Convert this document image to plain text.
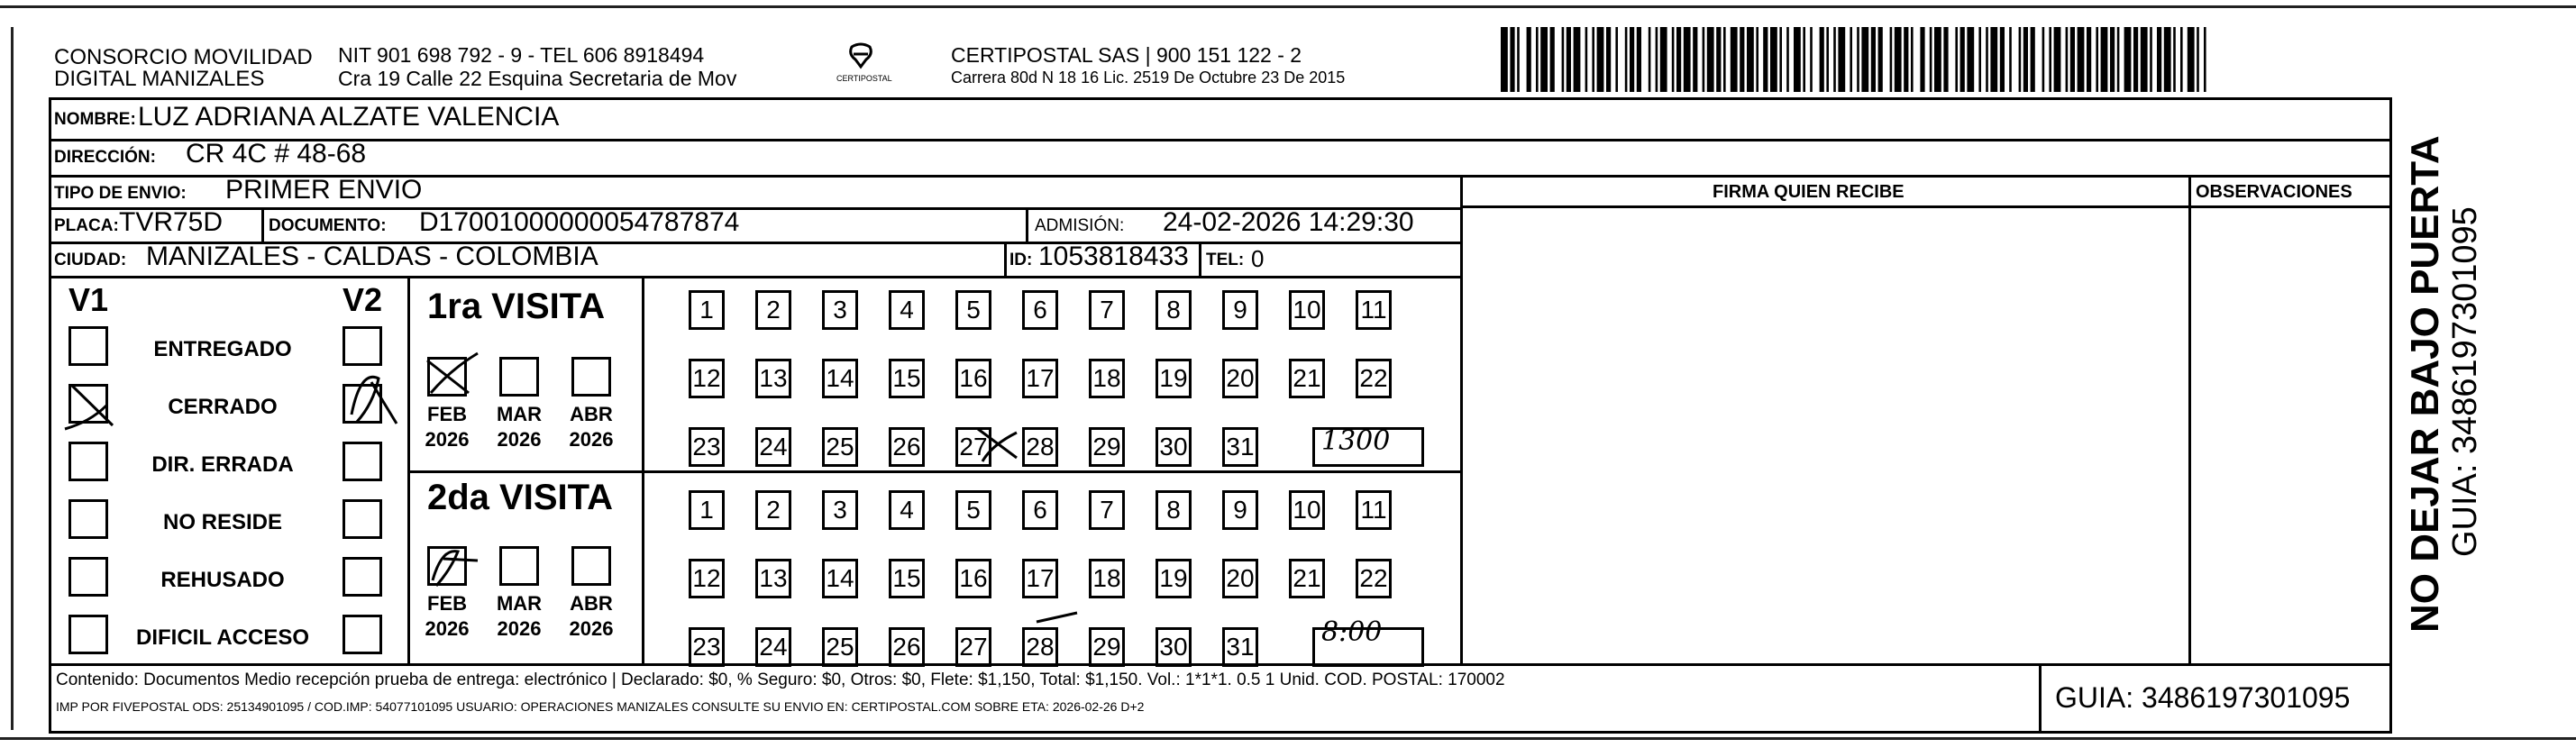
CONSORCIO MOVILIDAD
DIGITAL MANIZALES
NIT 901 698 792 - 9 - TEL 606 8918494
Cra 19 Calle 22 Esquina Secretaria de Mov	CERTIPOSTAL
CERTIPOSTAL SAS | 900 151 122 - 2
Carrera 80d N 18 16 Lic. 2519 De Octubre 23 De 2015
NOMBRE: LUZ ADRIANA ALZATE VALENCIA
DIRECCIÓN: CR 4C # 48-68
FIRMA QUIEN RECIBE	OBSERVACIONES
TIPO DE ENVIO: PRIMER ENVIO
PLACA: TVR75D	DOCUMENTO: D17001000000054787874	ADMISIÓN: 24-02-2026 14:29:30
CIUDAD: MANIZALES - CALDAS - COLOMBIA	ID: 1053818433 TEL: 0
V1	V2
ENTREGADO
CERRADO
DIR. ERRADA
NO RESIDE
REHUSADO
DIFICIL ACCESO
1ra VISITA
2da VISITA
FEB
2026
MAR
2026
ABR
2026
FEB
2026
MAR
2026
ABR
2026
1	2	3	4	5	6	7	8	9	10 11
12 13 14 15 16 17 18 19 20 21 22
23 24 25 26 27 28 29 30 31
1	2	3	4	5	6	7	8	9	10 11
12 13 14 15 16 17 18 19 20 21 22
23 24 25 26 27 28 29 30 31
1300
8:00
Contenido: Documentos Medio recepción prueba de entrega: electrónico | Declarado: $0, % Seguro: $0, Otros: $0, Flete: $1,150, Total: $1,150. Vol.: 1*1*1. 0.5 1 Unid. COD. POSTAL: 170002
IMP POR FIVEPOSTAL ODS: 25134901095 / COD.IMP: 54077101095 USUARIO: OPERACIONES MANIZALES CONSULTE SU ENVIO EN: CERTIPOSTAL.COM SOBRE ETA: 2026-02-26 D+2	GUIA: 3486197301095
NO DEJAR BAJO PUERTA GUIA: 3486197301095
